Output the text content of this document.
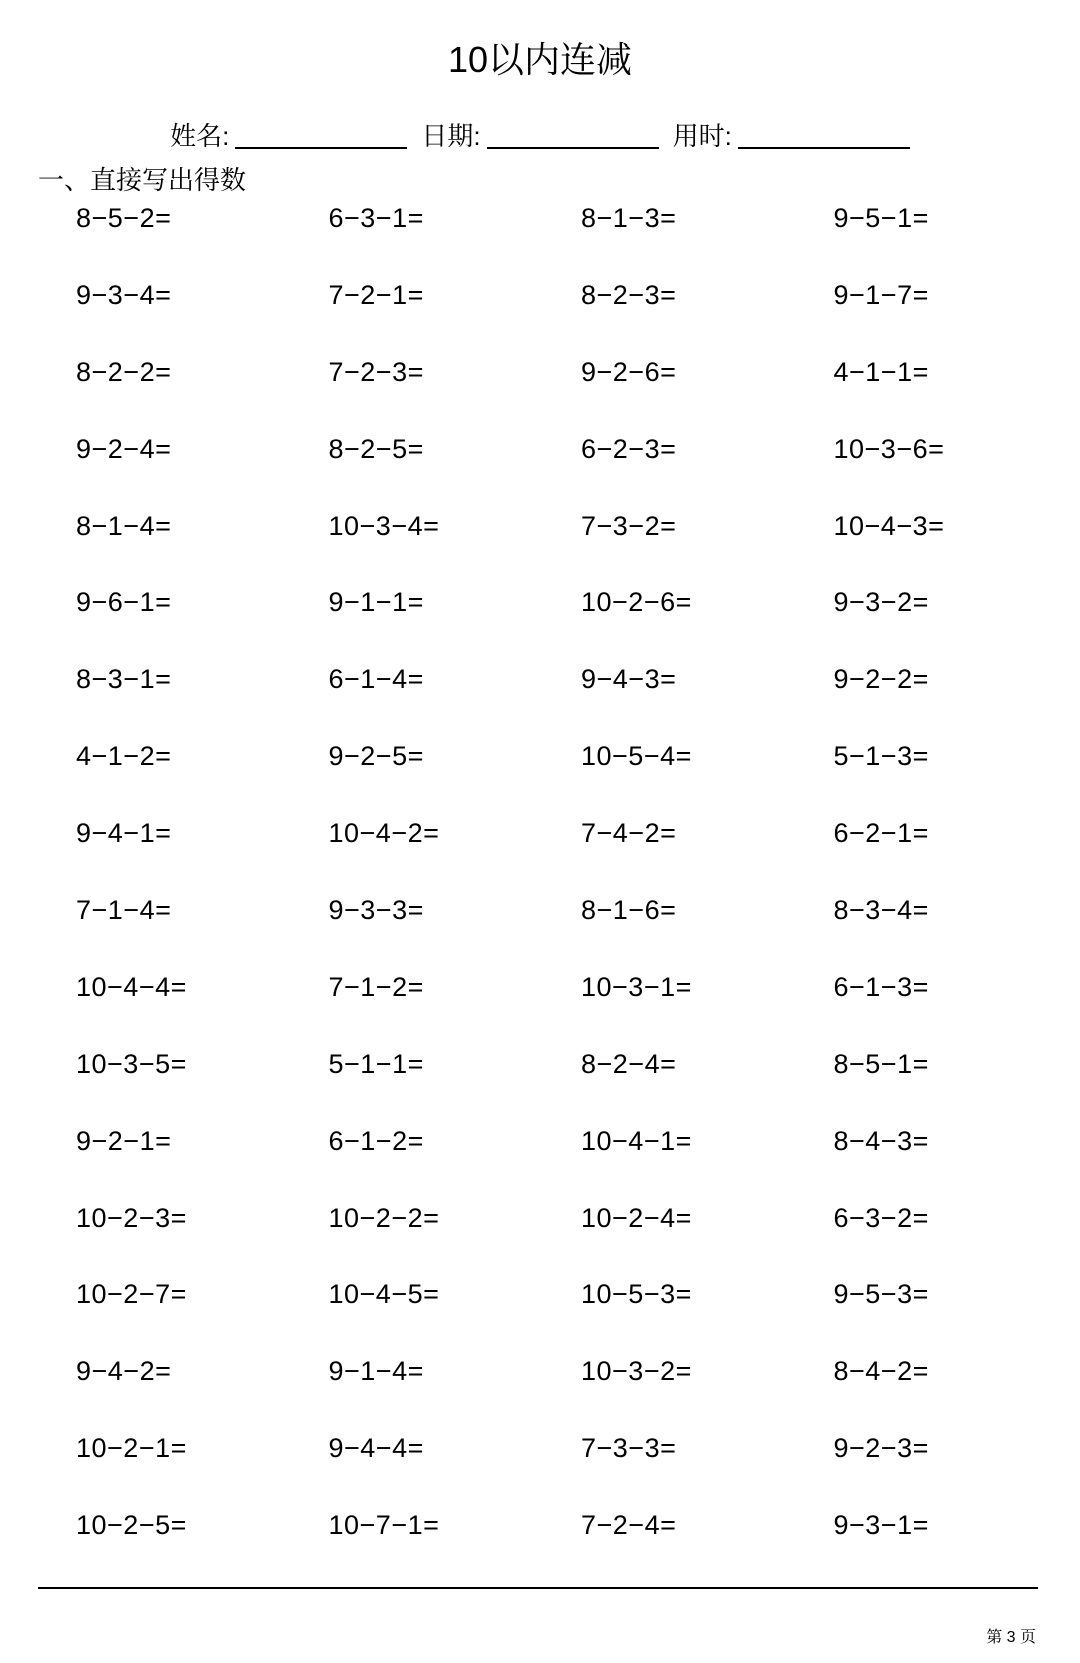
10以内连减
姓名:	日期:	用时:
一、直接写出得数
8−5−2=	6−3−1=	8−1−3=	9−5−1=
9−3−4=	7−2−1=	8−2−3=	9−1−7=
8−2−2=	7−2−3=	9−2−6=	4−1−1=
9−2−4=	8−2−5=	6−2−3=	10−3−6=
8−1−4=	10−3−4=	7−3−2=	10−4−3=
9−6−1=	9−1−1=	10−2−6=	9−3−2=
8−3−1=	6−1−4=	9−4−3=	9−2−2=
4−1−2=	9−2−5=	10−5−4=	5−1−3=
9−4−1=	10−4−2=	7−4−2=	6−2−1=
7−1−4=	9−3−3=	8−1−6=	8−3−4=
10−4−4=	7−1−2=	10−3−1=	6−1−3=
10−3−5=	5−1−1=	8−2−4=	8−5−1=
9−2−1=	6−1−2=	10−4−1=	8−4−3=
10−2−3=	10−2−2=	10−2−4=	6−3−2=
10−2−7=	10−4−5=	10−5−3=	9−5−3=
9−4−2=	9−1−4=	10−3−2=	8−4−2=
10−2−1=	9−4−4=	7−3−3=	9−2−3=
10−2−5=	10−7−1=	7−2−4=	9−3−1=
第 3 页
